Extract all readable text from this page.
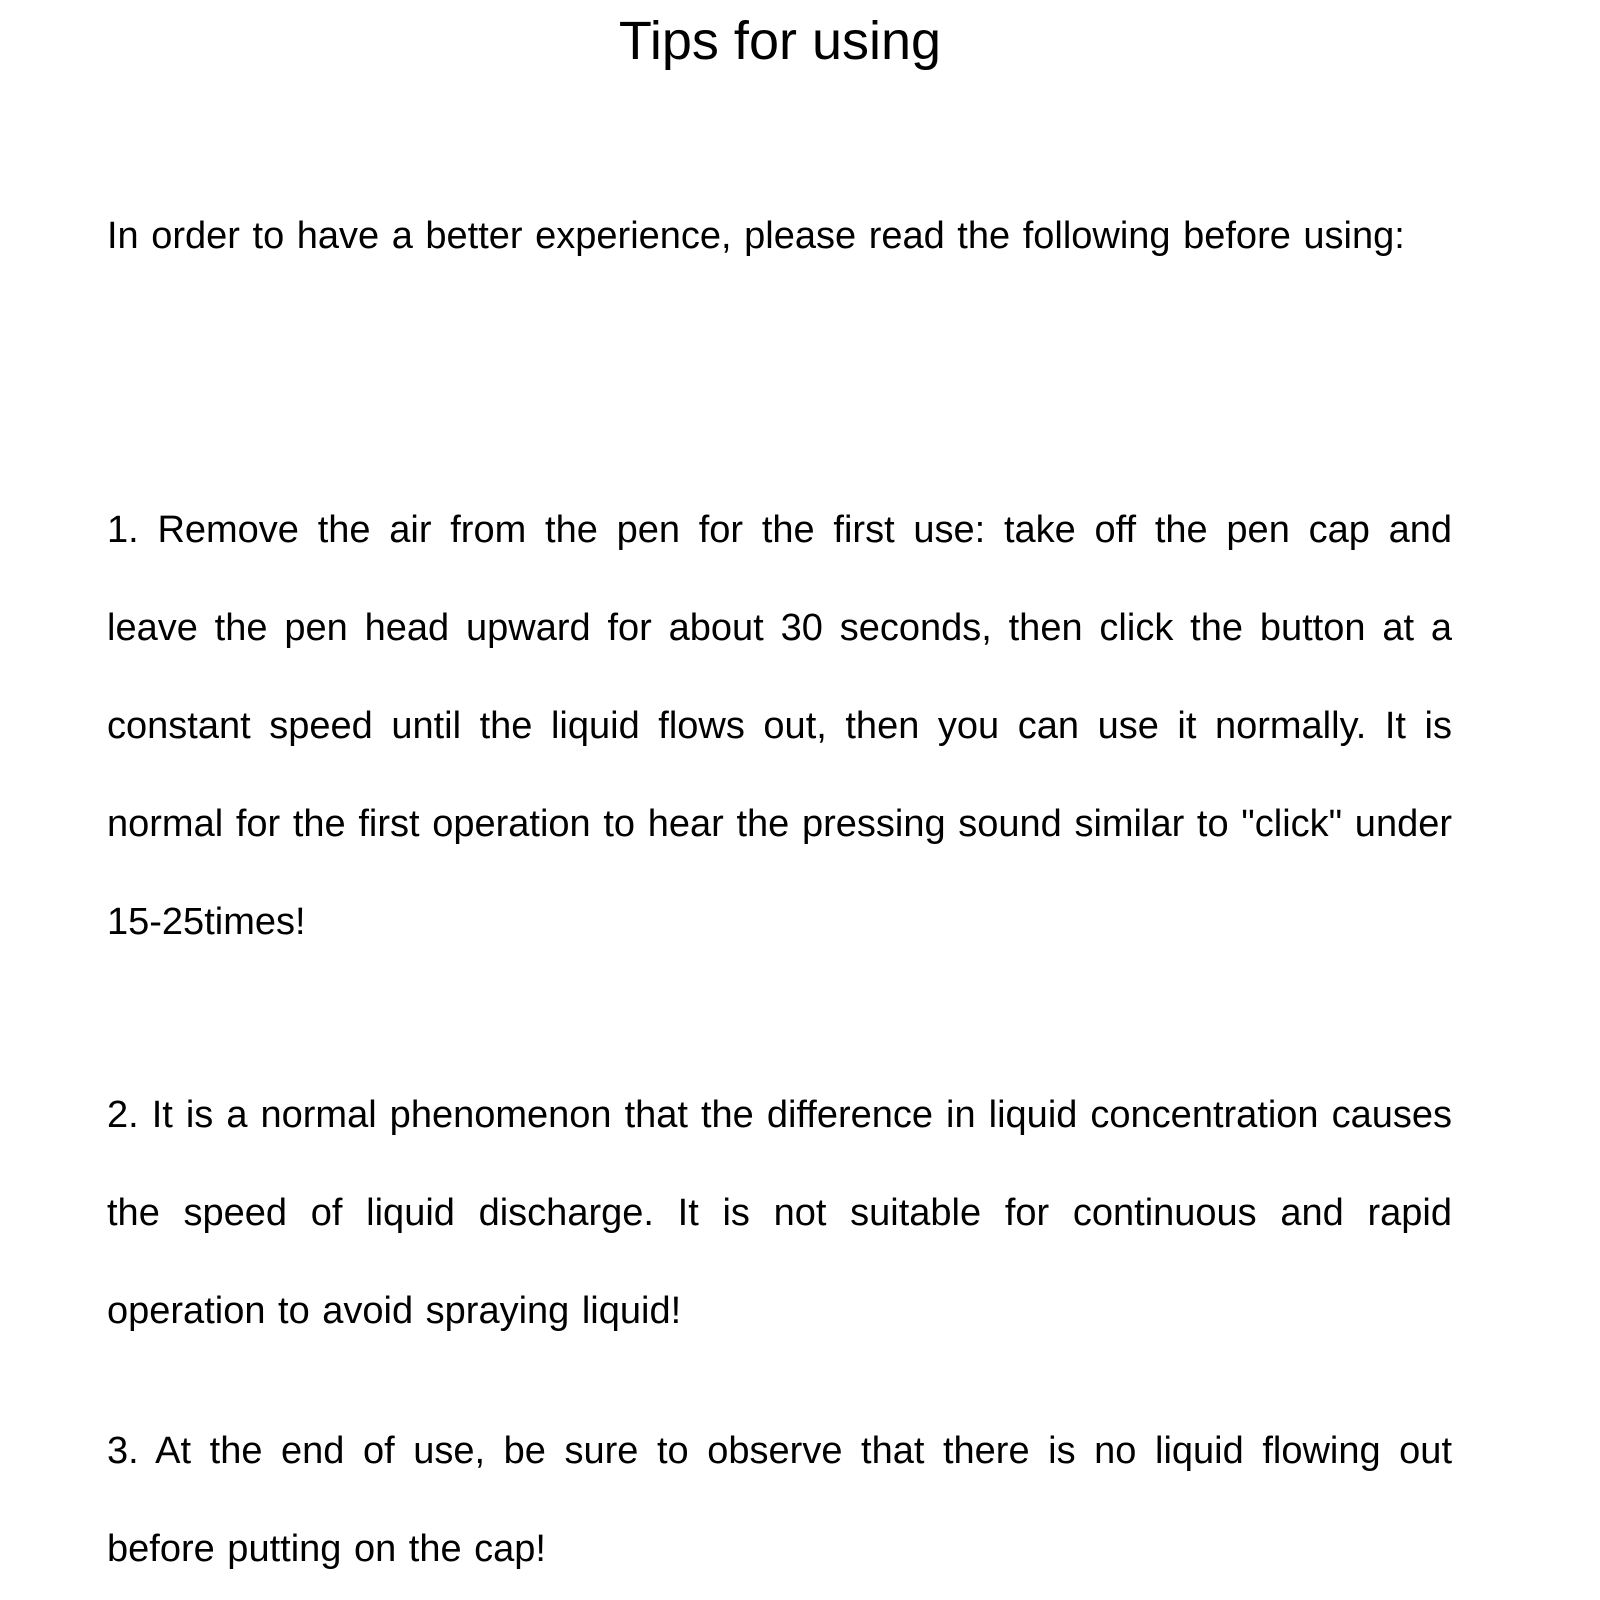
Tips for using

In order to have a better experience, please read the following before using:

1. Remove the air from the pen for the first use: take off the pen cap and leave the pen head upward for about 30 seconds, then click the button at a constant speed until the liquid flows out, then you can use it normally. It is normal for the first operation to hear the pressing sound similar to "click" under 15-25times!

2. It is a normal phenomenon that the difference in liquid concentration causes the speed of liquid discharge. It is not suitable for continuous and rapid operation to avoid spraying liquid!

3. At the end of use, be sure to observe that there is no liquid flowing out before putting on the cap!
